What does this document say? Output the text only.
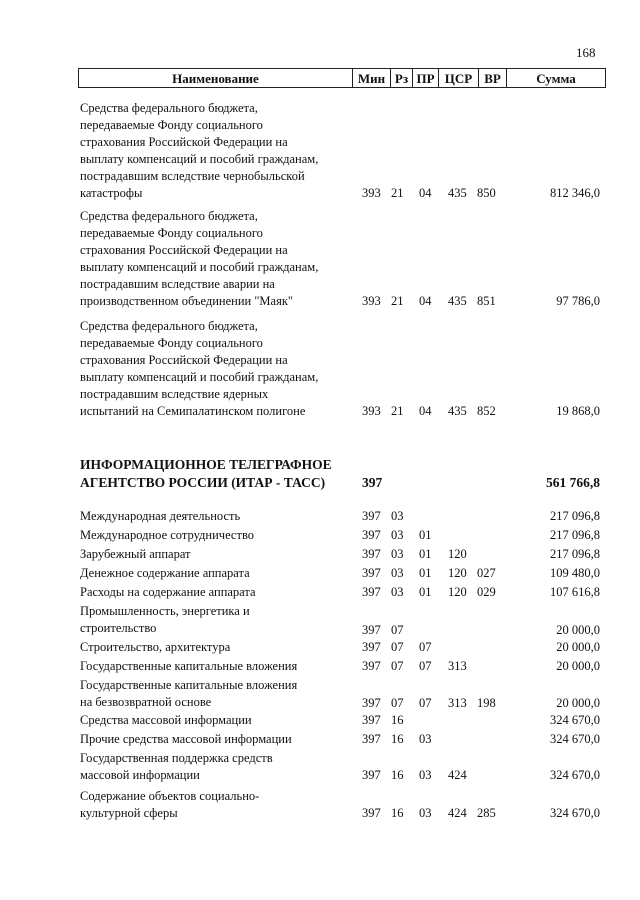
168
Наименование	Мин Рз ПР ЦСР ВР	Сумма
Средства федерального бюджета,
передаваемые Фонду социального
страхования Российской Федерации на
выплату компенсаций и пособий гражданам,
пострадавшим вследствие чернобыльской
катастрофы	393 21 04 435 850	812 346,0
Средства федерального бюджета,
передаваемые Фонду социального
страхования Российской Федерации на
выплату компенсаций и пособий гражданам,
пострадавшим вследствие аварии на
производственном объединении "Маяк"	393 21 04 435 851	97 786,0
Средства федерального бюджета,
передаваемые Фонду социального
страхования Российской Федерации на
выплату компенсаций и пособий гражданам,
пострадавшим вследствие ядерных
испытаний на Семипалатинском полигоне	393 21 04 435 852	19 868,0
ИНФОРМАЦИОННОЕ ТЕЛЕГРАФНОЕ
АГЕНТСТВО РОССИИ (ИТАР - ТАСС)	397	561 766,8
Международная деятельность	397 03	217 096,8
Международное сотрудничество	397 03 01	217 096,8
Зарубежный аппарат	397 03 01 120	217 096,8
Денежное содержание аппарата	397 03 01 120 027	109 480,0
Расходы на содержание аппарата	397 03 01 120 029	107 616,8
Промышленность, энергетика и
строительство	397 07	20 000,0
Строительство, архитектура	397 07 07	20 000,0
Государственные капитальные вложения	397 07 07 313	20 000,0
Государственные капитальные вложения
на безвозвратной основе	397 07 07 313 198	20 000,0
Средства массовой информации	397 16	324 670,0
Прочие средства массовой информации	397 16 03	324 670,0
Государственная поддержка средств
массовой информации	397 16 03 424	324 670,0
Содержание объектов социально-
культурной сферы	397 16 03 424 285	324 670,0
